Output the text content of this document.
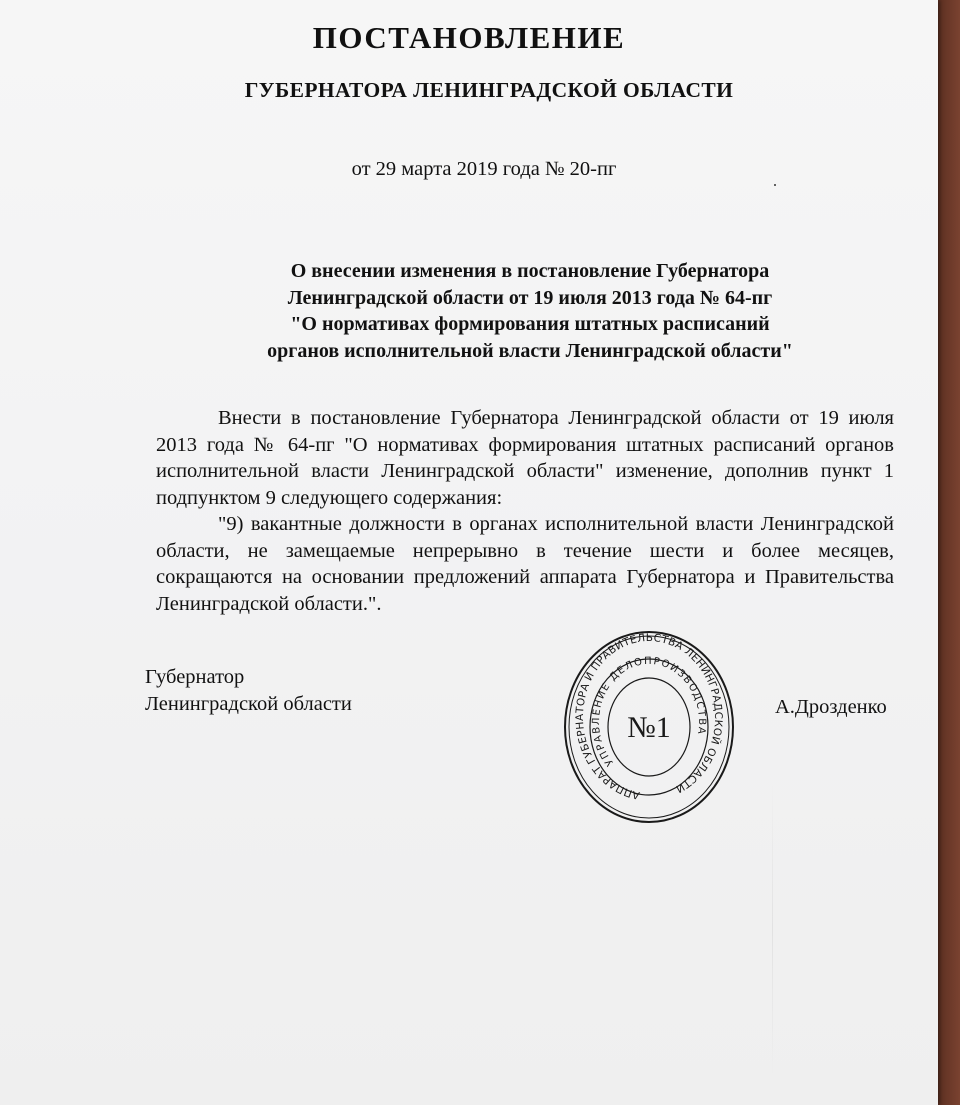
ПОСТАНОВЛЕНИЕ
ГУБЕРНАТОРА ЛЕНИНГРАДСКОЙ ОБЛАСТИ
от 29 марта 2019 года № 20-пг
О внесении изменения в постановление Губернатора
Ленинградской области от 19 июля 2013 года № 64-пг
"О нормативах формирования штатных расписаний
органов исполнительной власти Ленинградской области"

Внести в постановление Губернатора Ленинградской области от 19 июля 2013 года № 64-пг "О нормативах формирования штатных расписаний органов исполнительной власти Ленинградской области" изменение, дополнив пункт 1 подпунктом 9 следующего содержания:

"9) вакантные должности в органах исполнительной власти Ленинградской области, не замещаемые непрерывно в течение шести и более месяцев, сокращаются на основании предложений аппарата Губернатора и Правительства Ленинградской области.".

Губернатор
Ленинградской области
АППАРАТ ГУБЕРНАТОРА И ПРАВИТЕЛЬСТВА ЛЕНИНГРАДСКОЙ ОБЛАСТИ
УПРАВЛЕНИЕ ДЕЛОПРОИЗВОДСТВА
№1
А.Дрозденко
